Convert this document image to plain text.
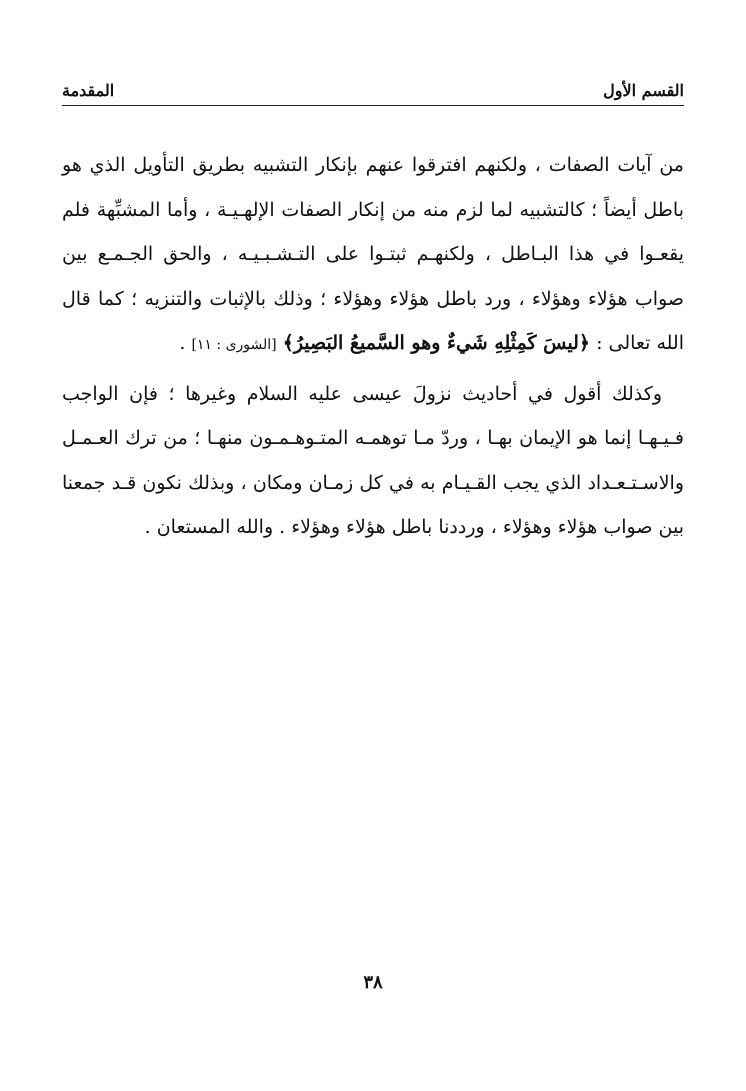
القسم الأول
المقدمة

من آيات الصفات ، ولكنهم افترقوا عنهم بإنكار التشبيه بطريق التأويل الذي هو باطل أيضاً ؛ كالتشبيه لما لزم منه من إنكار الصفات الإلهـيـة ، وأما المشبِّهة فلم يقعـوا في هذا البـاطل ، ولكنهـم ثبتـوا على التـشـبـيـه ، والحق الجـمـع بين صواب هؤلاء وهؤلاء ، ورد باطل هؤلاء وهؤلاء ؛ وذلك بالإثبات والتنزيه ؛ كما قال الله تعالى : ﴿ليسَ كَمِثْلِهِ شَيءٌ وهو السَّميعُ البَصِيرُ﴾ [الشورى : ١١] .

وكذلك أقول في أحاديث نزولَ عيسى عليه السلام وغيرها ؛ فإن الواجب فـيـهـا إنما هو الإيمان بهـا ، وردّ مـا توهمـه المتـوهـمـون منهـا ؛ من ترك العـمـل والاسـتـعـداد الذي يجب القـيـام به في كل زمـان ومكان ، وبذلك نكون قـد جمعنا بين صواب هؤلاء وهؤلاء ، ورددنا باطل هؤلاء وهؤلاء . والله المستعان .

٣٨
